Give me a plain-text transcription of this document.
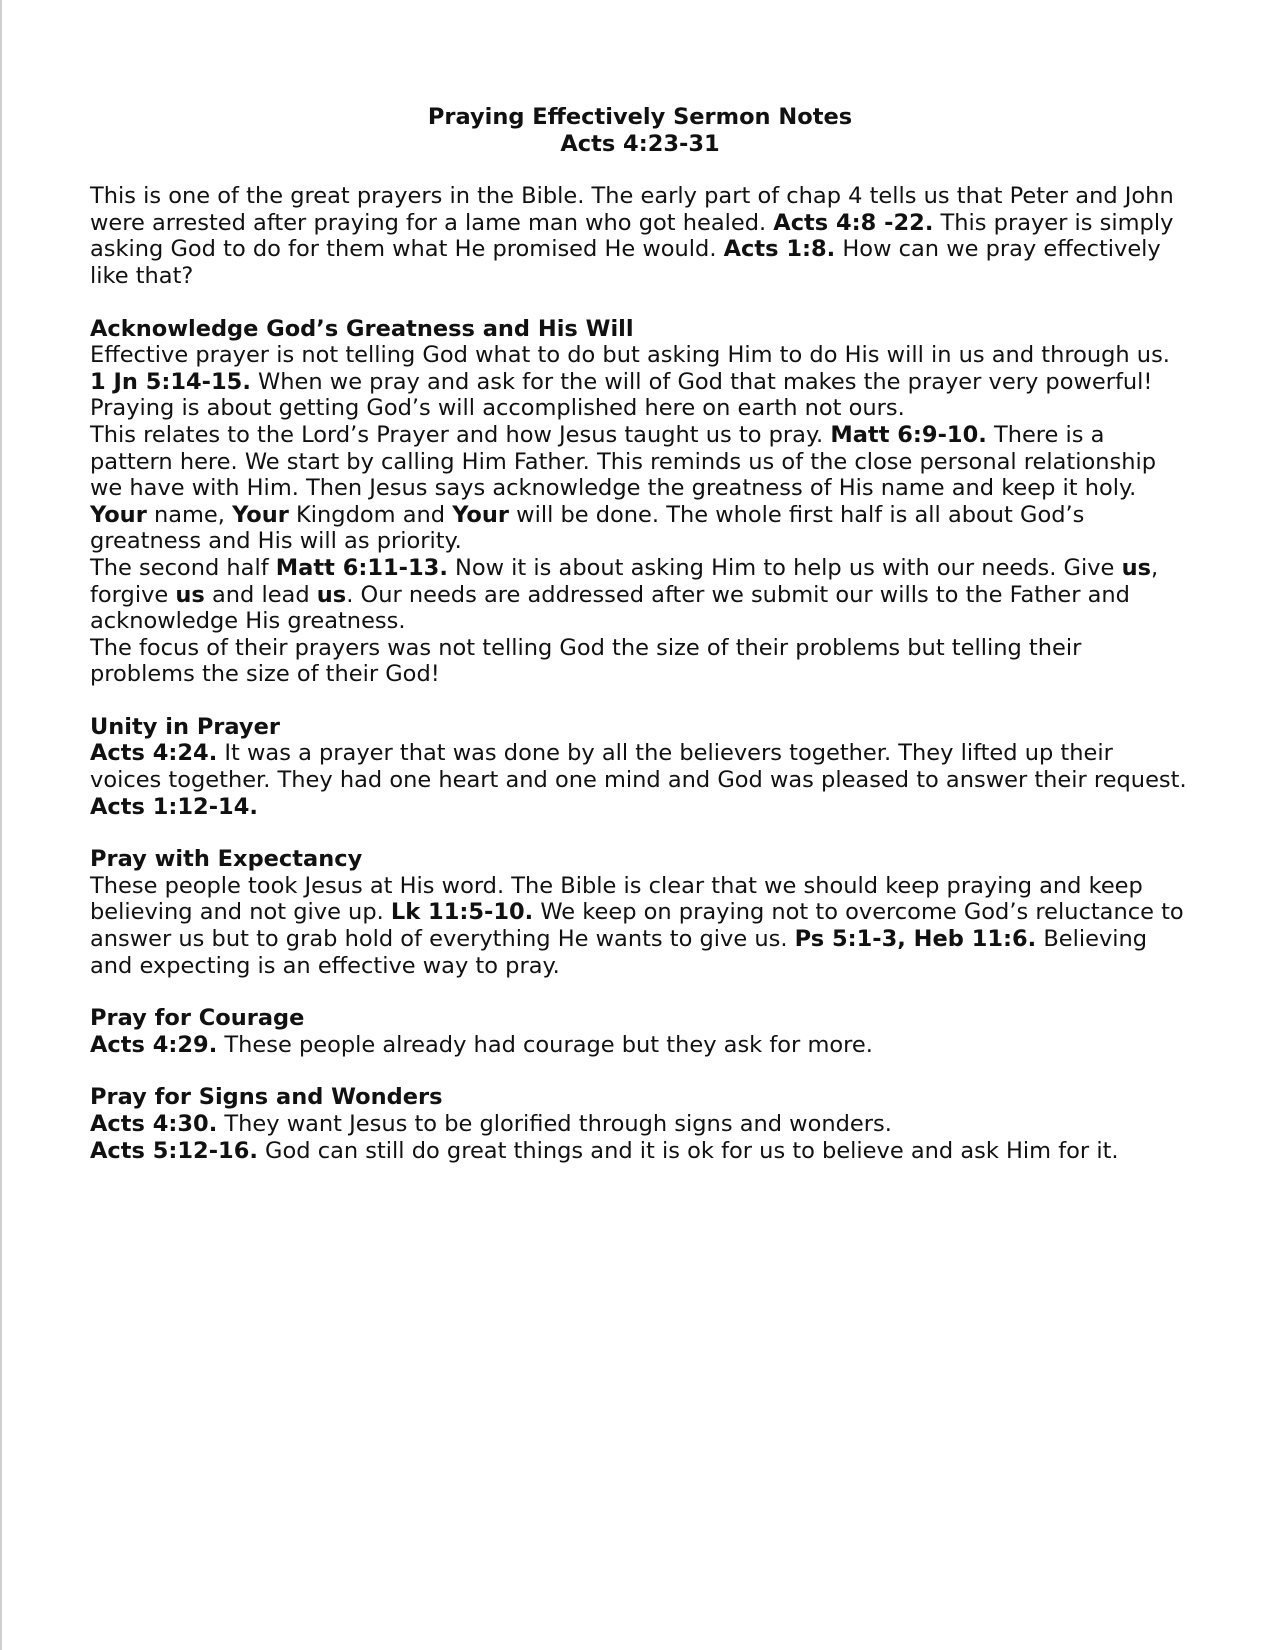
Praying Effectively Sermon Notes

Acts 4:23-31

This is one of the great prayers in the Bible. The early part of chap 4 tells us that Peter and John were arrested after praying for a lame man who got healed. Acts 4:8 -22. This prayer is simply asking God to do for them what He promised He would. Acts 1:8. How can we pray effectively like that?

Acknowledge God’s Greatness and His Will

Effective prayer is not telling God what to do but asking Him to do His will in us and through us. 1 Jn 5:14-15. When we pray and ask for the will of God that makes the prayer very powerful! Praying is about getting God’s will accomplished here on earth not ours.

This relates to the Lord’s Prayer and how Jesus taught us to pray. Matt 6:9-10. There is a pattern here. We start by calling Him Father. This reminds us of the close personal relationship we have with Him. Then Jesus says acknowledge the greatness of His name and keep it holy. Your name, Your Kingdom and Your will be done. The whole first half is all about God’s greatness and His will as priority.

The second half Matt 6:11-13. Now it is about asking Him to help us with our needs. Give us, forgive us and lead us. Our needs are addressed after we submit our wills to the Father and acknowledge His greatness.

The focus of their prayers was not telling God the size of their problems but telling their problems the size of their God!

Unity in Prayer

Acts 4:24. It was a prayer that was done by all the believers together. They lifted up their voices together. They had one heart and one mind and God was pleased to answer their request. Acts 1:12-14.

Pray with Expectancy

These people took Jesus at His word. The Bible is clear that we should keep praying and keep believing and not give up. Lk 11:5-10. We keep on praying not to overcome God’s reluctance to answer us but to grab hold of everything He wants to give us. Ps 5:1-3, Heb 11:6. Believing and expecting is an effective way to pray.

Pray for Courage

Acts 4:29. These people already had courage but they ask for more.

Pray for Signs and Wonders

Acts 4:30. They want Jesus to be glorified through signs and wonders.

Acts 5:12-16. God can still do great things and it is ok for us to believe and ask Him for it.
